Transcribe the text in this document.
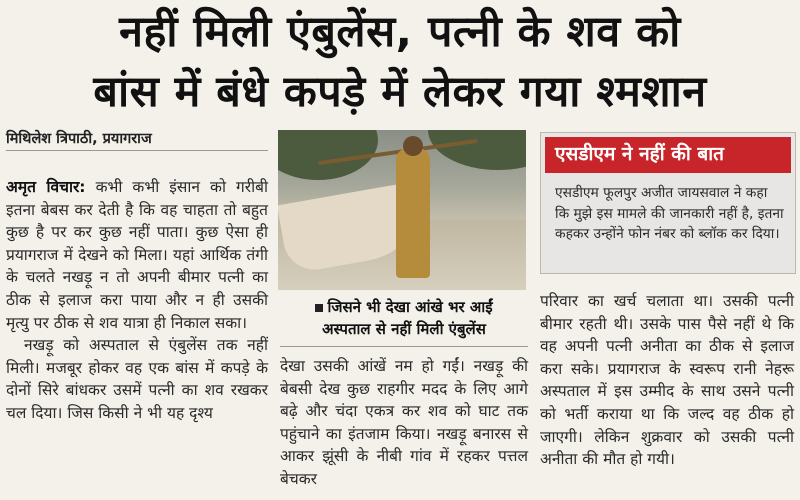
नहीं मिली एंबुलेंस, पत्नी के शव को
बांस में बंधे कपड़े में लेकर गया श्मशान
मिथिलेश त्रिपाठी, प्रयागराज

अमृत विचार: कभी कभी इंसान को गरीबी इतना बेबस कर देती है कि वह चाहता तो बहुत कुछ है पर कर कुछ नहीं पाता। कुछ ऐसा ही प्रयागराज में देखने को मिला। यहां आर्थिक तंगी के चलते नखड़ू न तो अपनी बीमार पत्नी का ठीक से इलाज करा पाया और न ही उसकी मृत्यु पर ठीक से शव यात्रा ही निकाल सका।

नखड़ू को अस्पताल से एंबुलेंस तक नहीं मिली। मजबूर होकर वह एक बांस में कपड़े के दोनों सिरे बांधकर उसमें पत्नी का शव रखकर चल दिया। जिस किसी ने भी यह दृश्य

जिसने भी देखा आंखे भर आईं
अस्पताल से नहीं मिली एंबुलेंस

देखा उसकी आंखें नम हो गईं। नखड़ू की बेबसी देख कुछ राहगीर मदद के लिए आगे बढ़े और चंदा एकत्र कर शव को घाट तक पहुंचाने का इंतजाम किया। नखड़ू बनारस से आकर झूंसी के नीबी गांव में रहकर पत्तल बेचकर

एसडीएम ने नहीं की बात
एसडीएम फूलपुर अजीत जायसवाल ने कहा कि मुझे इस मामले की जानकारी नहीं है, इतना कहकर उन्होंने फोन नंबर को ब्लॉक कर दिया।

परिवार का खर्च चलाता था। उसकी पत्नी बीमार रहती थी। उसके पास पैसे नहीं थे कि वह अपनी पत्नी अनीता का ठीक से इलाज करा सके। प्रयागराज के स्वरूप रानी नेहरू अस्पताल में इस उम्मीद के साथ उसने पत्नी को भर्ती कराया था कि जल्द वह ठीक हो जाएगी। लेकिन शुक्रवार को उसकी पत्नी अनीता की मौत हो गयी।
